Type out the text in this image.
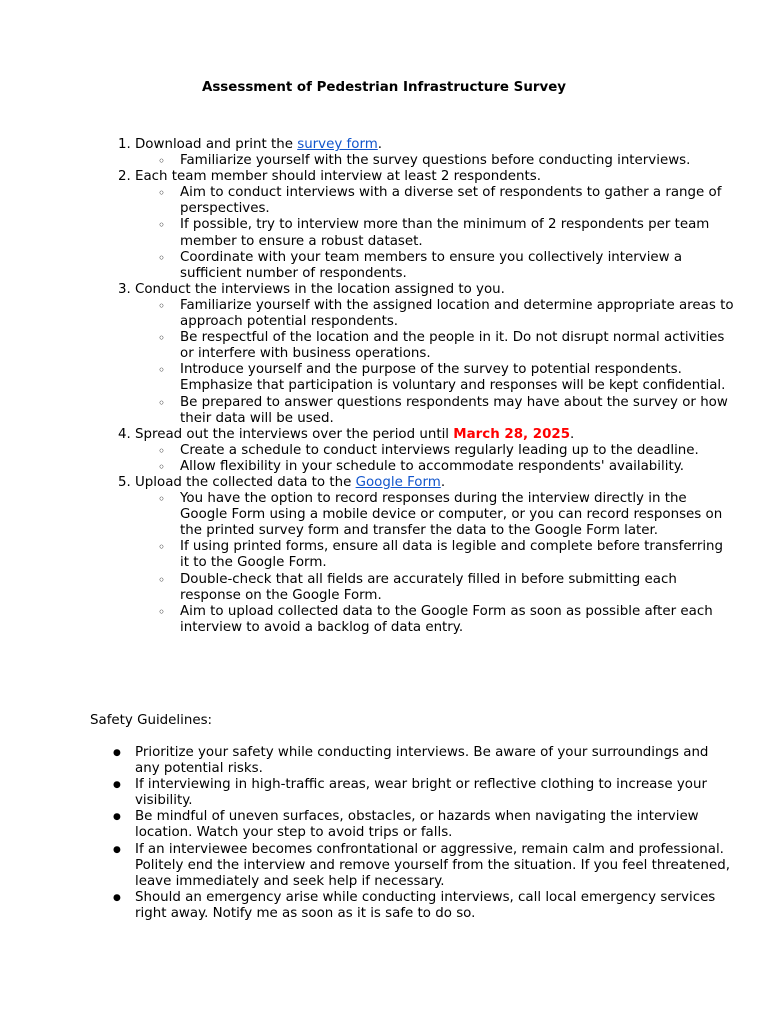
Assessment of Pedestrian Infrastructure Survey
1. Download and print the survey form.
◦ Familiarize yourself with the survey questions before conducting interviews.
2. Each team member should interview at least 2 respondents.
◦ Aim to conduct interviews with a diverse set of respondents to gather a range of perspectives.
◦ If possible, try to interview more than the minimum of 2 respondents per team member to ensure a robust dataset.
◦ Coordinate with your team members to ensure you collectively interview a sufficient number of respondents.
3. Conduct the interviews in the location assigned to you.
◦ Familiarize yourself with the assigned location and determine appropriate areas to approach potential respondents.
◦ Be respectful of the location and the people in it. Do not disrupt normal activities or interfere with business operations.
◦ Introduce yourself and the purpose of the survey to potential respondents. Emphasize that participation is voluntary and responses will be kept confidential.
◦ Be prepared to answer questions respondents may have about the survey or how their data will be used.
4. Spread out the interviews over the period until March 28, 2025.
◦ Create a schedule to conduct interviews regularly leading up to the deadline.
◦ Allow flexibility in your schedule to accommodate respondents' availability.
5. Upload the collected data to the Google Form.
◦ You have the option to record responses during the interview directly in the Google Form using a mobile device or computer, or you can record responses on the printed survey form and transfer the data to the Google Form later.
◦ If using printed forms, ensure all data is legible and complete before transferring it to the Google Form.
◦ Double-check that all fields are accurately filled in before submitting each response on the Google Form.
◦ Aim to upload collected data to the Google Form as soon as possible after each interview to avoid a backlog of data entry.
Safety Guidelines:
● Prioritize your safety while conducting interviews. Be aware of your surroundings and any potential risks.
● If interviewing in high-traffic areas, wear bright or reflective clothing to increase your visibility.
● Be mindful of uneven surfaces, obstacles, or hazards when navigating the interview location. Watch your step to avoid trips or falls.
● If an interviewee becomes confrontational or aggressive, remain calm and professional. Politely end the interview and remove yourself from the situation. If you feel threatened, leave immediately and seek help if necessary.
● Should an emergency arise while conducting interviews, call local emergency services right away. Notify me as soon as it is safe to do so.
